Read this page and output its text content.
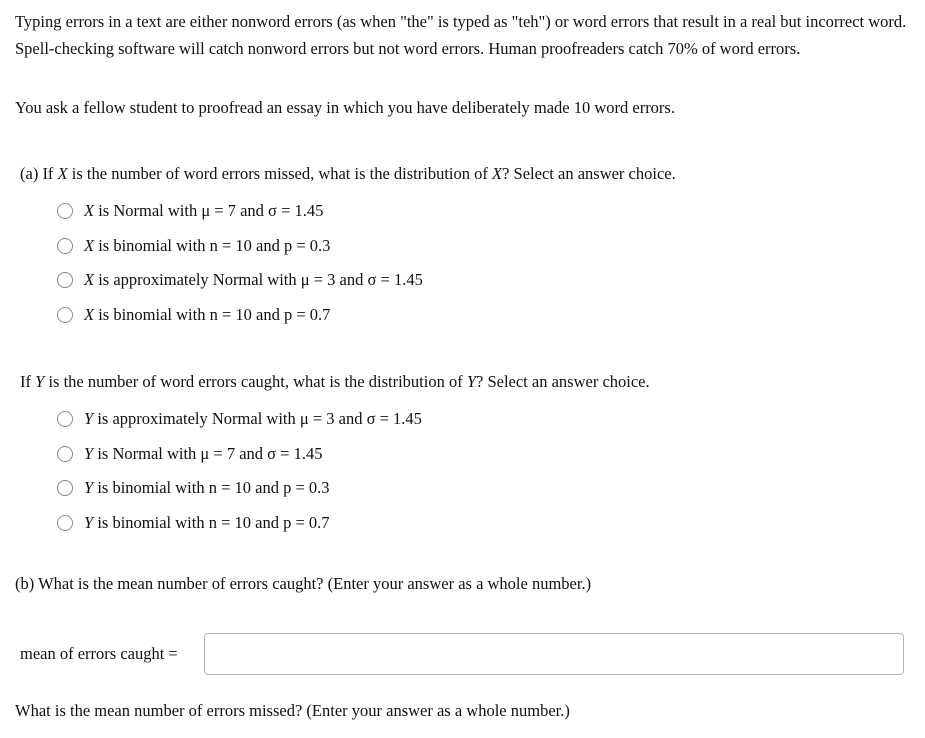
Typing errors in a text are either nonword errors (as when "the" is typed as "teh") or word errors that result in a real but incorrect word. Spell-checking software will catch nonword errors but not word errors. Human proofreaders catch 70% of word errors.
You ask a fellow student to proofread an essay in which you have deliberately made 10 word errors.
(a) If X is the number of word errors missed, what is the distribution of X? Select an answer choice.
X
is Normal with μ = 7 and σ = 1.45
X
is binomial with n = 10 and p = 0.3
X
is approximately Normal with μ = 3 and σ = 1.45
X
is binomial with n = 10 and p = 0.7
If Y is the number of word errors caught, what is the distribution of Y? Select an answer choice.
Y
is approximately Normal with μ = 3 and σ = 1.45
Y
is Normal with μ = 7 and σ = 1.45
Y
is binomial with n = 10 and p = 0.3
Y
is binomial with n = 10 and p = 0.7
(b) What is the mean number of errors caught? (Enter your answer as a whole number.)
mean of errors caught =
What is the mean number of errors missed? (Enter your answer as a whole number.)
